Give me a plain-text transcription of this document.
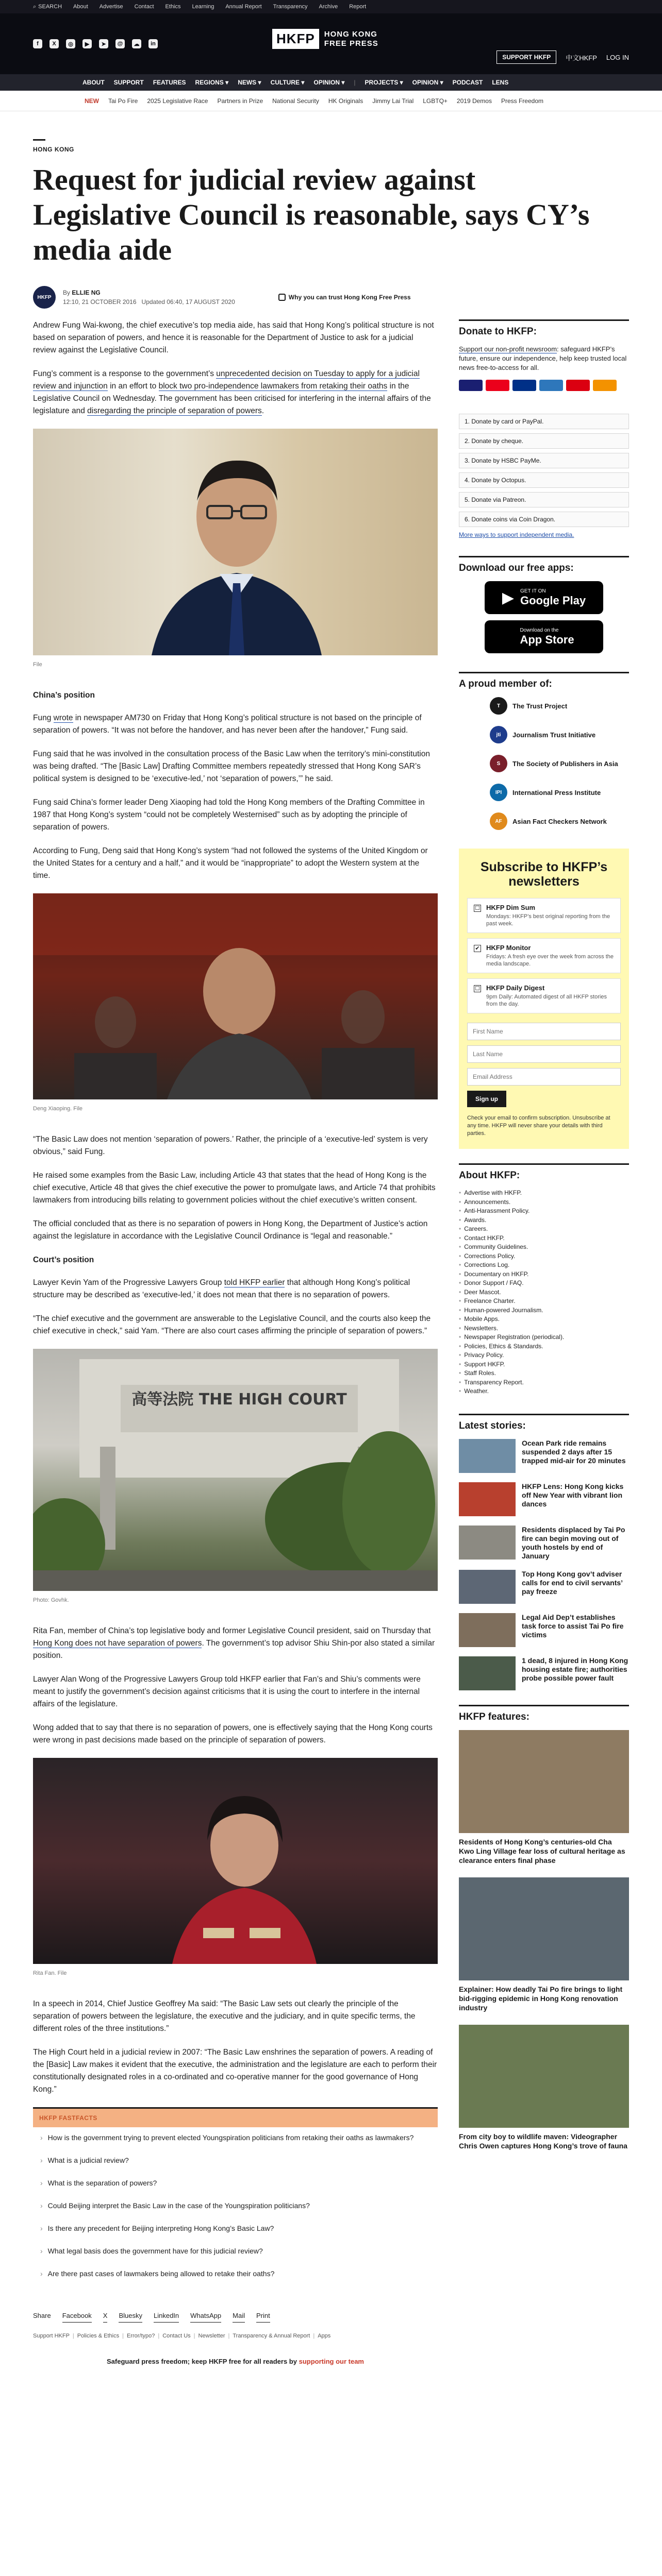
⌕ SEARCH About Advertise Contact Ethics Learning Annual Report Transparency Archive Report
f	X	◎	▶	➤	@	☁	in	HKFP	HONG KONG
FREE PRESS
SUPPORT HKFP	中文HKFP LOG IN
ABOUT SUPPORT FEATURES REGIONS ▾ NEWS ▾ CULTURE ▾ OPINION ▾ | PROJECTS ▾ OPINION ▾ PODCAST LENS
NEW Tai Po Fire 2025 Legislative Race Partners in Prize National Security HK Originals Jimmy Lai Trial LGBTQ+ 2019 Demos Press Freedom
HONG KONG
Request for judicial review against Legislative Council is reasonable, says CY’s media aide
HKFP
By ELLIE NG
12:10, 21 OCTOBER 2016 Updated 06:40, 17 AUGUST 2020
Why you can trust Hong Kong Free Press

Andrew Fung Wai-kwong, the chief executive’s top media aide, has said that Hong Kong’s political structure is not based on separation of powers, and hence it is reasonable for the Department of Justice to ask for a judicial review against the Legislative Council.

Fung’s comment is a response to the government’s unprecedented decision on Tuesday to apply for a judicial review and injunction in an effort to block two pro-independence lawmakers from retaking their oaths in the Legislative Council on Wednesday. The government has been criticised for interfering in the internal affairs of the legislature and disregarding the principle of separation of powers.

File
China’s position

Fung wrote in newspaper AM730 on Friday that Hong Kong’s political structure is not based on the principle of separation of powers. “It was not before the handover, and has never been after the handover,” Fung said.

Fung said that he was involved in the consultation process of the Basic Law when the territory’s mini-constitution was being drafted. “The [Basic Law] Drafting Committee members repeatedly stressed that Hong Kong SAR’s political system is designed to be ‘executive-led,’ not ‘separation of powers,’” he said.

Fung said China’s former leader Deng Xiaoping had told the Hong Kong members of the Drafting Committee in 1987 that Hong Kong’s system “could not be completely Westernised” such as by adopting the principle of separation of powers.

According to Fung, Deng said that Hong Kong’s system “had not followed the systems of the United Kingdom or the United States for a century and a half,” and it would be “inappropriate” to adopt the Western system at the time.

Deng Xiaoping. File

“The Basic Law does not mention ‘separation of powers.’ Rather, the principle of a ‘executive-led’ system is very obvious,” said Fung.

He raised some examples from the Basic Law, including Article 43 that states that the head of Hong Kong is the chief executive, Article 48 that gives the chief executive the power to promulgate laws, and Article 74 that prohibits lawmakers from introducing bills relating to government policies without the chief executive’s written consent.

The official concluded that as there is no separation of powers in Hong Kong, the Department of Justice’s action against the legislature in accordance with the Legislative Council Ordinance is “legal and reasonable.”

Court’s position

Lawyer Kevin Yam of the Progressive Lawyers Group told HKFP earlier that although Hong Kong’s political structure may be described as ‘executive-led,’ it does not mean that there is no separation of powers.

“The chief executive and the government are answerable to the Legislative Council, and the courts also keep the chief executive in check,” said Yam. “There are also court cases affirming the principle of separation of powers.”

高等法院 THE HIGH COURT
Photo: Govhk.

Rita Fan, member of China’s top legislative body and former Legislative Council president, said on Thursday that Hong Kong does not have separation of powers. The government’s top advisor Shiu Shin-por also stated a similar position.

Lawyer Alan Wong of the Progressive Lawyers Group told HKFP earlier that Fan’s and Shiu’s comments were meant to justify the government’s decision against criticisms that it is using the court to interfere in the internal affairs of the legislature.

Wong added that to say that there is no separation of powers, one is effectively saying that the Hong Kong courts were wrong in past decisions made based on the principle of separation of powers.

Rita Fan. File

In a speech in 2014, Chief Justice Geoffrey Ma said: “The Basic Law sets out clearly the principle of the separation of powers between the legislature, the executive and the judiciary, and in quite specific terms, the different roles of the three institutions.”

The High Court held in a judicial review in 2007: “The Basic Law enshrines the separation of powers. A reading of the [Basic] Law makes it evident that the executive, the administration and the legislature are each to perform their constitutionally designated roles in a co-ordinated and co-operative manner for the good governance of Hong Kong.”

HKFP FASTFACTS
› How is the government trying to prevent elected Youngspiration politicians from retaking their oaths as lawmakers?
› What is a judicial review?
› What is the separation of powers?
› Could Beijing interpret the Basic Law in the case of the Youngspiration politicians?
› Is there any precedent for Beijing interpreting Hong Kong’s Basic Law?
› What legal basis does the government have for this judicial review?
› Are there past cases of lawmakers being allowed to retake their oaths?
Share Facebook X Bluesky LinkedIn WhatsApp Mail Print
Support HKFP | Policies & Ethics | Error/typo? | Contact Us | Newsletter | Transparency & Annual Report | Apps
Safeguard press freedom; keep HKFP free for all readers by supporting our team
Donate to HKFP:
Support our non-profit newsroom: safeguard HKFP’s future, ensure our independence, help keep trusted local news free-to-access for all.
1. Donate by card or PayPal.
2. Donate by cheque.
3. Donate by HSBC PayMe.
4. Donate by Octopus.
5. Donate via Patreon.
6. Donate coins via Coin Dragon.
More ways to support independent media.
Download our free apps:
▶ GET IT ON
Google Play
Download on the
App Store
A proud member of:
T	The Trust Project
jti	Journalism Trust Initiative
S	The Society of Publishers in Asia
IPI	International Press Institute
AF	Asian Fact Checkers Network
Subscribe to HKFP’s newsletters
☐ HKFP Dim Sum
Mondays: HKFP’s best original reporting from the past week.
✔ HKFP Monitor
Fridays: A fresh eye over the week from across the media landscape.
☐ HKFP Daily Digest
9pm Daily: Automated digest of all HKFP stories from the day.
First Name
Last Name
Email Address Sign up
Check your email to confirm subscription. Unsubscribe at any time. HKFP will never share your details with third parties.
About HKFP:
• Advertise with HKFP.
• Announcements.
• Anti-Harassment Policy.
• Awards.
• Careers.
• Contact HKFP.
• Community Guidelines.
• Corrections Policy.
• Corrections Log.
• Documentary on HKFP.
• Donor Support / FAQ.
• Deer Mascot.
• Freelance Charter.
• Human-powered Journalism.
• Mobile Apps.
• Newsletters.
• Newspaper Registration (periodical).
• Policies, Ethics & Standards.
• Privacy Policy.
• Support HKFP.
• Staff Roles.
• Transparency Report.
• Weather.
Latest stories:
Ocean Park ride remains suspended 2 days after 15 trapped mid-air for 20 minutes
HKFP Lens: Hong Kong kicks off New Year with vibrant lion dances
Residents displaced by Tai Po fire can begin moving out of youth hostels by end of January
Top Hong Kong gov’t adviser calls for end to civil servants’ pay freeze
Legal Aid Dep’t establishes task force to assist Tai Po fire victims
1 dead, 8 injured in Hong Kong housing estate fire; authorities probe possible power fault
HKFP features:
Residents of Hong Kong’s centuries-old Cha Kwo Ling Village fear loss of cultural heritage as clearance enters final phase
Explainer: How deadly Tai Po fire brings to light bid-rigging epidemic in Hong Kong renovation industry
From city boy to wildlife maven: Videographer Chris Owen captures Hong Kong’s trove of fauna
